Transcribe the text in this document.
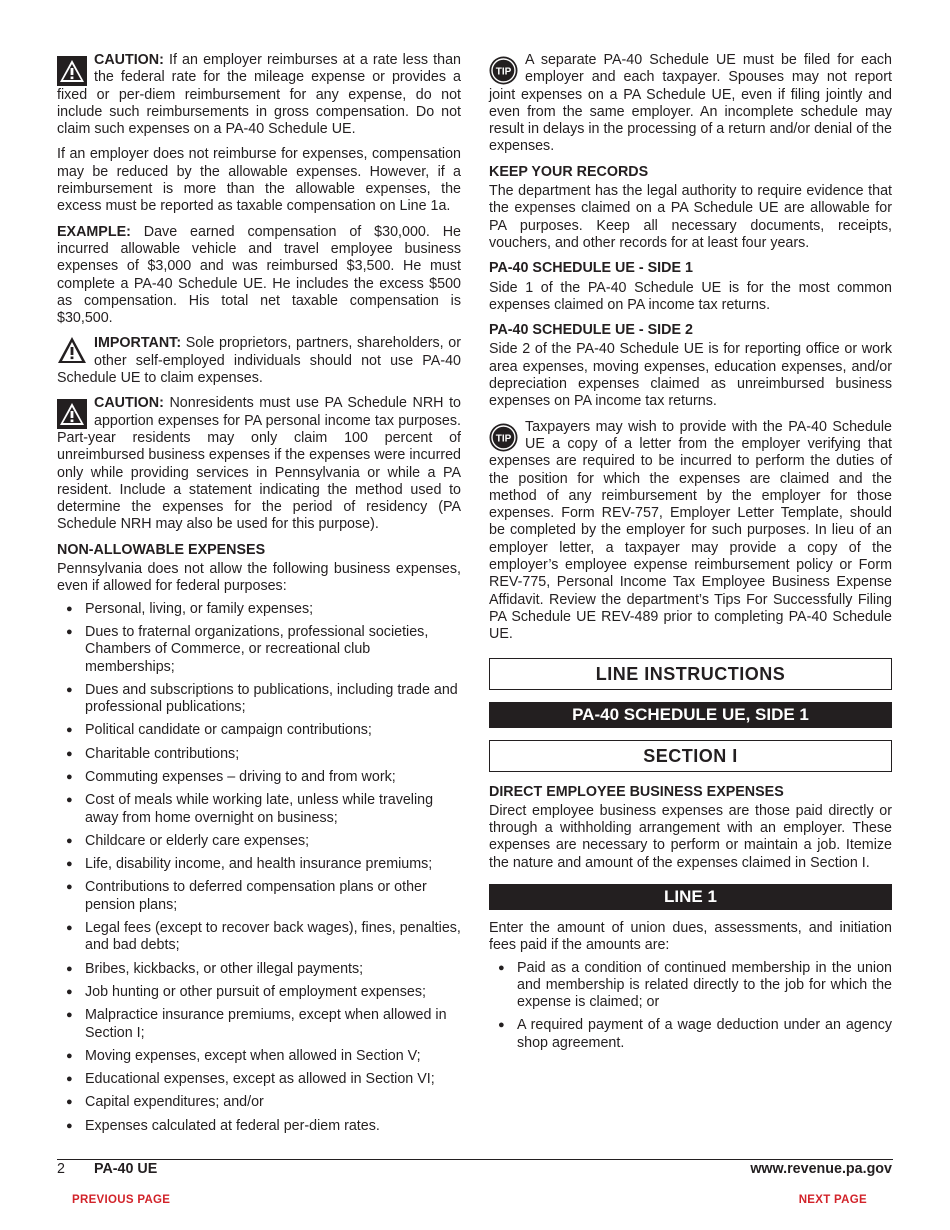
CAUTION: If an employer reimburses at a rate less than the federal rate for the mileage expense or provides a fixed or per-diem reimbursement for any expense, do not include such reimbursements in gross compensation. Do not claim such expenses on a PA-40 Schedule UE.

If an employer does not reimburse for expenses, compensation may be reduced by the allowable expenses. However, if a reimbursement is more than the allowable expenses, the excess must be reported as taxable compensation on Line 1a.

EXAMPLE: Dave earned compensation of $30,000. He incurred allowable vehicle and travel employee business expenses of $3,000 and was reimbursed $3,500. He must complete a PA-40 Schedule UE. He includes the excess $500 as compensation. His total net taxable compensation is $30,500.

IMPORTANT: Sole proprietors, partners, shareholders, or other self-employed individuals should not use PA-40 Schedule UE to claim expenses.
CAUTION: Nonresidents must use PA Schedule NRH to apportion expenses for PA personal income tax purposes. Part-year residents may only claim 100 percent of unreimbursed business expenses if the expenses were incurred only while providing services in Pennsylvania or while a PA resident. Include a statement indicating the method used to determine the expenses for the period of residency (PA Schedule NRH may also be used for this purpose).
NON-ALLOWABLE EXPENSES

Pennsylvania does not allow the following business expenses, even if allowed for federal purposes:

● Personal, living, or family expenses;
● Dues to fraternal organizations, professional societies, Chambers of Commerce, or recreational club memberships;
● Dues and subscriptions to publications, including trade and professional publications;
● Political candidate or campaign contributions;
● Charitable contributions;
● Commuting expenses – driving to and from work;
● Cost of meals while working late, unless while traveling away from home overnight on business;
● Childcare or elderly care expenses;
● Life, disability income, and health insurance premiums;
● Contributions to deferred compensation plans or other pension plans;
● Legal fees (except to recover back wages), fines, penalties, and bad debts;
● Bribes, kickbacks, or other illegal payments;
● Job hunting or other pursuit of employment expenses;
● Malpractice insurance premiums, except when allowed in Section I;
● Moving expenses, except when allowed in Section V;
● Educational expenses, except as allowed in Section VI;
● Capital expenditures; and/or
● Expenses calculated at federal per-diem rates.
TIP
A separate PA-40 Schedule UE must be filed for each employer and each taxpayer. Spouses may not report joint expenses on a PA Schedule UE, even if filing jointly and even from the same employer. An incomplete schedule may result in delays in the processing of a return and/or denial of the expenses.
KEEP YOUR RECORDS

The department has the legal authority to require evidence that the expenses claimed on a PA Schedule UE are allowable for PA purposes. Keep all necessary documents, receipts, vouchers, and other records for at least four years.

PA-40 SCHEDULE UE - SIDE 1

Side 1 of the PA-40 Schedule UE is for the most common expenses claimed on PA income tax returns.

PA-40 SCHEDULE UE - SIDE 2

Side 2 of the PA-40 Schedule UE is for reporting office or work area expenses, moving expenses, education expenses, and/or depreciation expenses claimed as unreimbursed business expenses on PA income tax returns.

TIP
Taxpayers may wish to provide with the PA-40 Schedule UE a copy of a letter from the employer verifying that expenses are required to be incurred to perform the duties of the position for which the expenses are claimed and the method of any reimbursement by the employer for those expenses. Form REV-757, Employer Letter Template, should be completed by the employer for such purposes. In lieu of an employer letter, a taxpayer may provide a copy of the employer’s employee expense reimbursement policy or Form REV-775, Personal Income Tax Employee Business Expense Affidavit. Review the department’s Tips For Successfully Filing PA Schedule UE REV-489 prior to completing PA-40 Schedule UE.
LINE INSTRUCTIONS
PA-40 SCHEDULE UE, SIDE 1
SECTION I
DIRECT EMPLOYEE BUSINESS EXPENSES

Direct employee business expenses are those paid directly or through a withholding arrangement with an employer. These expenses are necessary to perform or maintain a job. Itemize the nature and amount of the expenses claimed in Section I.

LINE 1

Enter the amount of union dues, assessments, and initiation fees paid if the amounts are:

● Paid as a condition of continued membership in the union and membership is related directly to the job for which the expense is claimed; or
● A required payment of a wage deduction under an agency shop agreement.
2 PA-40 UE	www.revenue.pa.gov
PREVIOUS PAGE	NEXT PAGE
